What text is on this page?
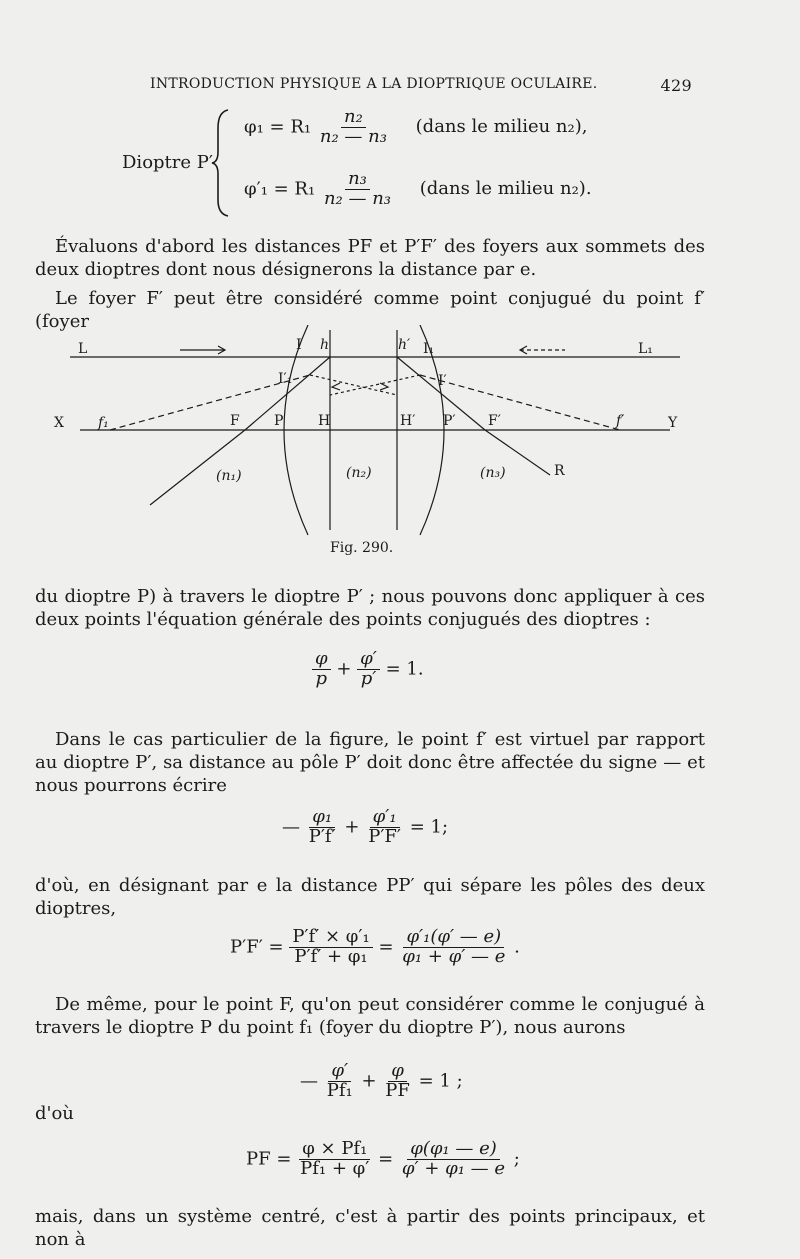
INTRODUCTION PHYSIQUE A LA DIOPTRIQUE OCULAIRE.	429
Dioptre P′
$\varphi_1 = R_1 \frac{\text{n₂}}{\text{n₂ — n₃}}$ (dans le milieu n₂),
$\varphi'_1 = R_1 \frac{\text{n₃}}{\text{n₂ — n₃}}$ (dans le milieu n₂).

Évaluons d'abord les distances PF et P′F′ des foyers aux sommets des deux dioptres dont nous désignerons la distance par e.

Le foyer F′ peut être considéré comme point conjugué du point f′ (foyer

L	L₁
I h	h′ I₁
I′₁	I′
X	Y
f₁	f′
F P H	H′ P′ F′
(n₁)	(n₂)	(n₃)	R
Fig. 290.

du dioptre P) à travers le dioptre P′ ; nous pouvons donc appliquer à ces deux points l'équation générale des points conjugués des dioptres :

$\frac{\varphi}{p} + \frac{\varphi'}{p'} = 1$.

Dans le cas particulier de la figure, le point f′ est virtuel par rapport au dioptre P′, sa distance au pôle P′ doit donc être affectée du signe — et nous pourrons écrire

— $\frac{\text{φ₁}}{P'f'} + \frac{\text{φ′₁}}{P'F'} = 1$;

d'où, en désignant par e la distance PP′ qui sépare les pôles des deux dioptres,

$P'F' = \frac{\text{P′f′ × φ′₁}}{\text{P′f′ + φ₁}} = \frac{\text{φ′₁(φ′ — e)}}{\text{φ₁ + φ′ — e}}$ .

De même, pour le point F, qu'on peut considérer comme le conjugué à travers le dioptre P du point f₁ (foyer du dioptre P′), nous aurons

— $\frac{\varphi'}{\text{Pf₁}} + \frac{\varphi}{PF} = 1$ ;

d'où

PF = $\frac{\text{φ × Pf₁}}{\text{Pf₁ + φ′}} = \frac{\text{φ(φ₁ — e)}}{\text{φ′ + φ₁ — e}}$ ;

mais, dans un système centré, c'est à partir des points principaux, et non à
